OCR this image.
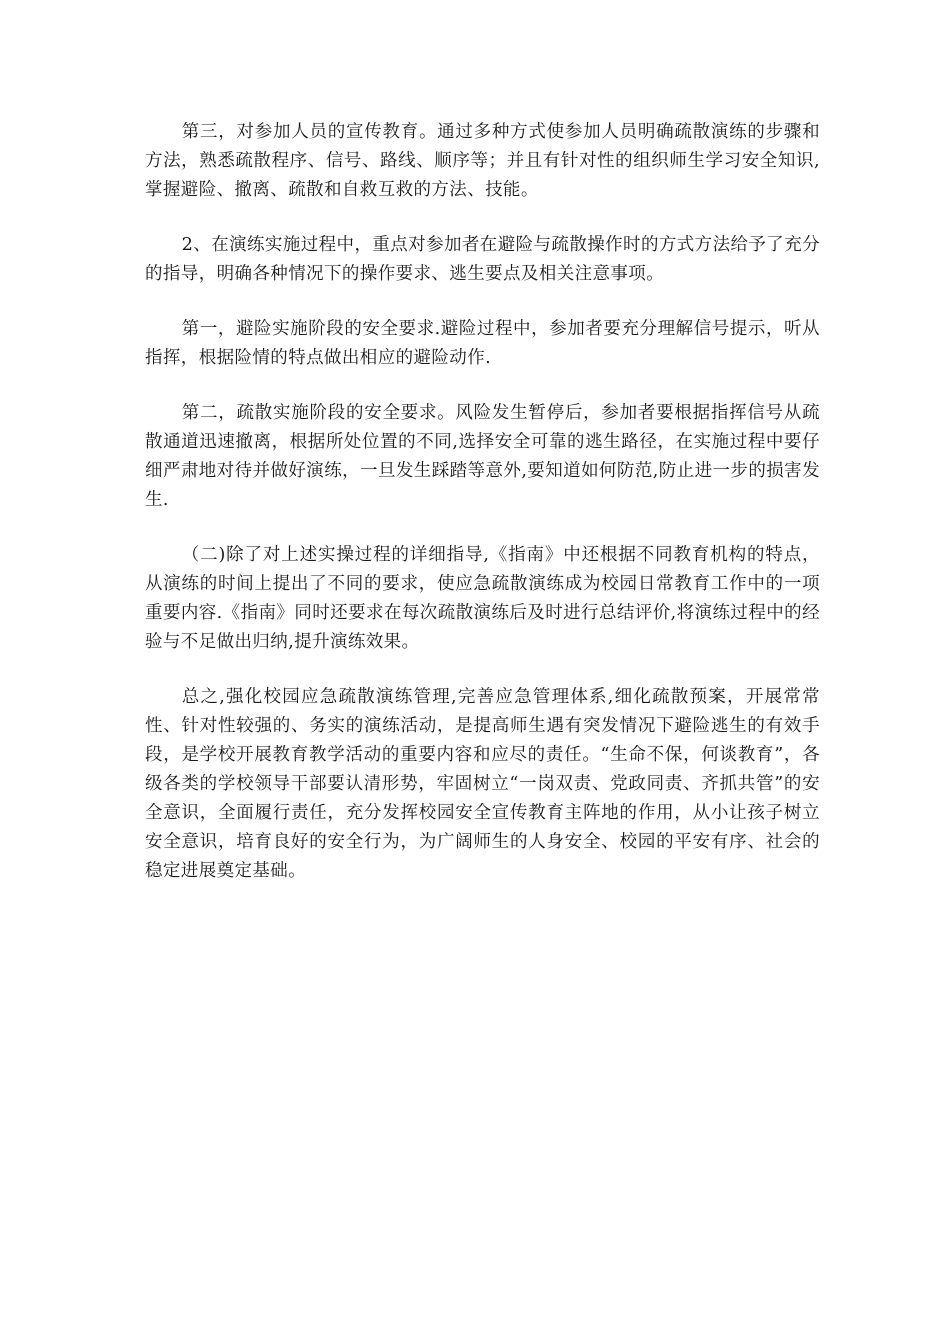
第三，对参加人员的宣传教育。通过多种方式使参加人员明确疏散演练的步骤和方法，熟悉疏散程序、信号、路线、顺序等；并且有针对性的组织师生学习安全知识,掌握避险、撤离、疏散和自救互救的方法、技能。

2、在演练实施过程中，重点对参加者在避险与疏散操作时的方式方法给予了充分的指导，明确各种情况下的操作要求、逃生要点及相关注意事项。

第一，避险实施阶段的安全要求.避险过程中，参加者要充分理解信号提示，听从指挥，根据险情的特点做出相应的避险动作.

第二，疏散实施阶段的安全要求。风险发生暂停后，参加者要根据指挥信号从疏散通道迅速撤离，根据所处位置的不同,选择安全可靠的逃生路径，在实施过程中要仔细严肃地对待并做好演练，一旦发生踩踏等意外,要知道如何防范,防止进一步的损害发生.

（二)除了对上述实操过程的详细指导,《指南》中还根据不同教育机构的特点，从演练的时间上提出了不同的要求，使应急疏散演练成为校园日常教育工作中的一项重要内容.《指南》同时还要求在每次疏散演练后及时进行总结评价,将演练过程中的经验与不足做出归纳,提升演练效果。

总之,强化校园应急疏散演练管理,完善应急管理体系,细化疏散预案，开展常常性、针对性较强的、务实的演练活动，是提高师生遇有突发情况下避险逃生的有效手段，是学校开展教育教学活动的重要内容和应尽的责任。“生命不保，何谈教育”，各级各类的学校领导干部要认清形势，牢固树立“一岗双责、党政同责、齐抓共管”的安全意识，全面履行责任，充分发挥校园安全宣传教育主阵地的作用，从小让孩子树立安全意识，培育良好的安全行为，为广阔师生的人身安全、校园的平安有序、社会的稳定进展奠定基础。
